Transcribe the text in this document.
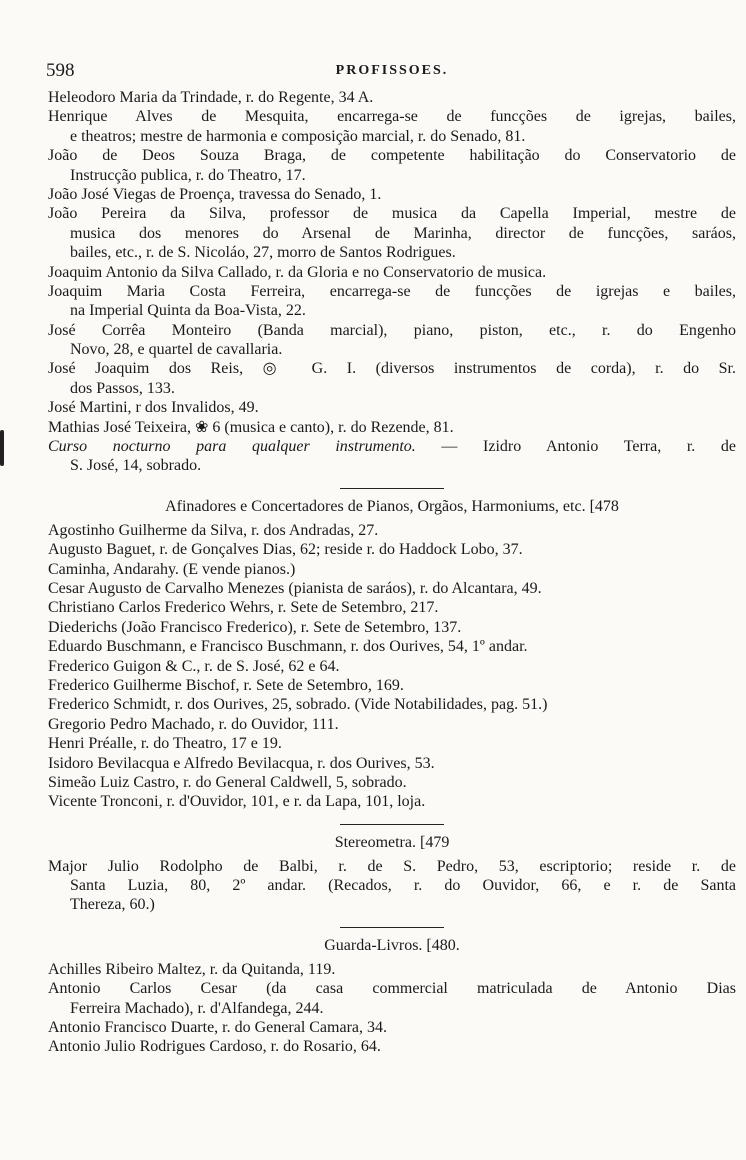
598	PROFISSOES.
Heleodoro Maria da Trindade, r. do Regente, 34 A.
Henrique Alves de Mesquita, encarrega-se de funcções de igrejas, bailes,
e theatros; mestre de harmonia e composição marcial, r. do Senado, 81.
João de Deos Souza Braga, de competente habilitação do Conservatorio de
Instrucção publica, r. do Theatro, 17.
João José Viegas de Proença, travessa do Senado, 1.
João Pereira da Silva, professor de musica da Capella Imperial, mestre de
musica dos menores do Arsenal de Marinha, director de funcções, saráos,
bailes, etc., r. de S. Nicoláo, 27, morro de Santos Rodrigues.
Joaquim Antonio da Silva Callado, r. da Gloria e no Conservatorio de musica.
Joaquim Maria Costa Ferreira, encarrega-se de funcções de igrejas e bailes,
na Imperial Quinta da Boa-Vista, 22.
José Corrêa Monteiro (Banda marcial), piano, piston, etc., r. do Engenho
Novo, 28, e quartel de cavallaria.
José Joaquim dos Reis, ◎ G. I. (diversos instrumentos de corda), r. do Sr.
dos Passos, 133.
José Martini, r dos Invalidos, 49.
Mathias José Teixeira, ❀ 6 (musica e canto), r. do Rezende, 81.
Curso nocturno para qualquer instrumento. — Izidro Antonio Terra, r. de
S. José, 14, sobrado.
Afinadores e Concertadores de Pianos, Orgãos, Harmoniums, etc. [478
Agostinho Guilherme da Silva, r. dos Andradas, 27.
Augusto Baguet, r. de Gonçalves Dias, 62; reside r. do Haddock Lobo, 37.
Caminha, Andarahy. (E vende pianos.)
Cesar Augusto de Carvalho Menezes (pianista de saráos), r. do Alcantara, 49.
Christiano Carlos Frederico Wehrs, r. Sete de Setembro, 217.
Diederichs (João Francisco Frederico), r. Sete de Setembro, 137.
Eduardo Buschmann, e Francisco Buschmann, r. dos Ourives, 54, 1º andar.
Frederico Guigon & C., r. de S. José, 62 e 64.
Frederico Guilherme Bischof, r. Sete de Setembro, 169.
Frederico Schmidt, r. dos Ourives, 25, sobrado. (Vide Notabilidades, pag. 51.)
Gregorio Pedro Machado, r. do Ouvidor, 111.
Henri Préalle, r. do Theatro, 17 e 19.
Isidoro Bevilacqua e Alfredo Bevilacqua, r. dos Ourives, 53.
Simeão Luiz Castro, r. do General Caldwell, 5, sobrado.
Vicente Tronconi, r. d'Ouvidor, 101, e r. da Lapa, 101, loja.
Stereometra. [479
Major Julio Rodolpho de Balbi, r. de S. Pedro, 53, escriptorio; reside r. de
Santa Luzia, 80, 2º andar. (Recados, r. do Ouvidor, 66, e r. de Santa
Thereza, 60.)
Guarda-Livros. [480.
Achilles Ribeiro Maltez, r. da Quitanda, 119.
Antonio Carlos Cesar (da casa commercial matriculada de Antonio Dias
Ferreira Machado), r. d'Alfandega, 244.
Antonio Francisco Duarte, r. do General Camara, 34.
Antonio Julio Rodrigues Cardoso, r. do Rosario, 64.
